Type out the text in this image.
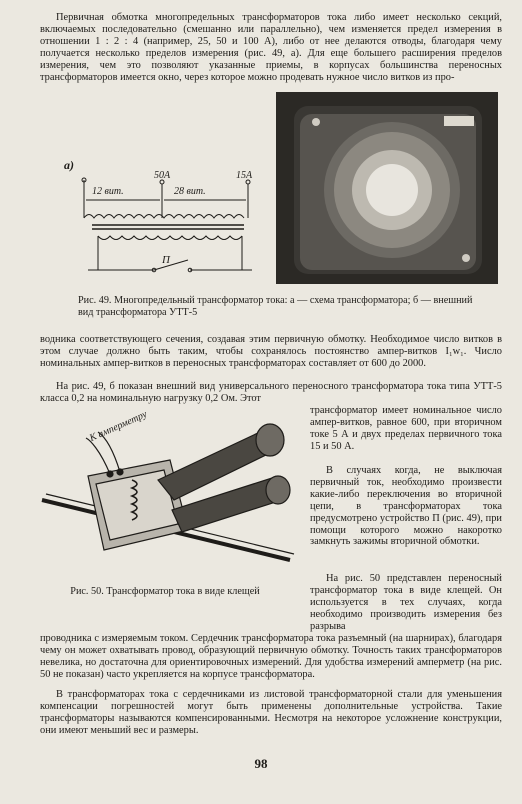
Первичная обмотка многопредельных трансформаторов тока либо имеет несколько секций, включаемых последовательно (смешанно или параллельно), чем изменяется предел измерения в отношении 1 : 2 : 4 (например, 25, 50 и 100 А), либо от нее делаются отводы, благодаря чему получается несколько пределов измерения (рис. 49, а). Для еще большего расширения пределов измерения, чем это позволяют указанные приемы, в корпусах большинства переносных трансформаторов имеется окно, через которое можно продевать нужное число витков из про-

а)
50А	15А
12 вит.	28 вит.
П

Рис. 49. Многопредельный трансформатор тока: а — схема трансформатора; б — внешний вид трансформатора УТТ-5

водника соответствующего сечения, создавая этим первичную обмотку. Необходимое число витков в этом случае должно быть таким, чтобы сохранялось постоянство ампер-витков I₁w₁. Число номинальных ампер-витков в переносных трансформаторах составляет от 600 до 2000.

На рис. 49, б показан внешний вид универсального переносного трансформатора тока типа УТТ-5 класса 0,2 на номинальную нагрузку 0,2 Ом. Этот

трансформатор имеет номинальное число ампер-витков, равное 600, при вторичном токе 5 А и двух пределах первичного тока 15 и 50 А.

В случаях когда, не выключая первичный ток, необходимо произвести какие-либо переключения во вторичной цепи, в трансформаторах тока предусмотрено устройство П (рис. 49), при помощи которого можно накоротко замкнуть зажимы вторичной обмотки.

На рис. 50 представлен переносный трансформатор тока в виде клещей. Он используется в тех случаях, когда необходимо производить измерения без разрыва

К амперметру

Рис. 50. Трансформатор тока в виде клещей

проводника с измеряемым током. Сердечник трансформатора тока разъемный (на шарнирах), благодаря чему он может охватывать провод, образующий первичную обмотку. Точность таких трансформаторов невелика, но достаточна для ориентировочных измерений. Для удобства измерений амперметр (на рис. 50 не показан) часто укрепляется на корпусе трансформатора.

В трансформаторах тока с сердечниками из листовой трансформаторной стали для уменьшения компенсации погрешностей могут быть применены дополнительные устройства. Такие трансформаторы называются компенсированными. Несмотря на некоторое усложнение конструкции, они имеют меньший вес и размеры.

98
